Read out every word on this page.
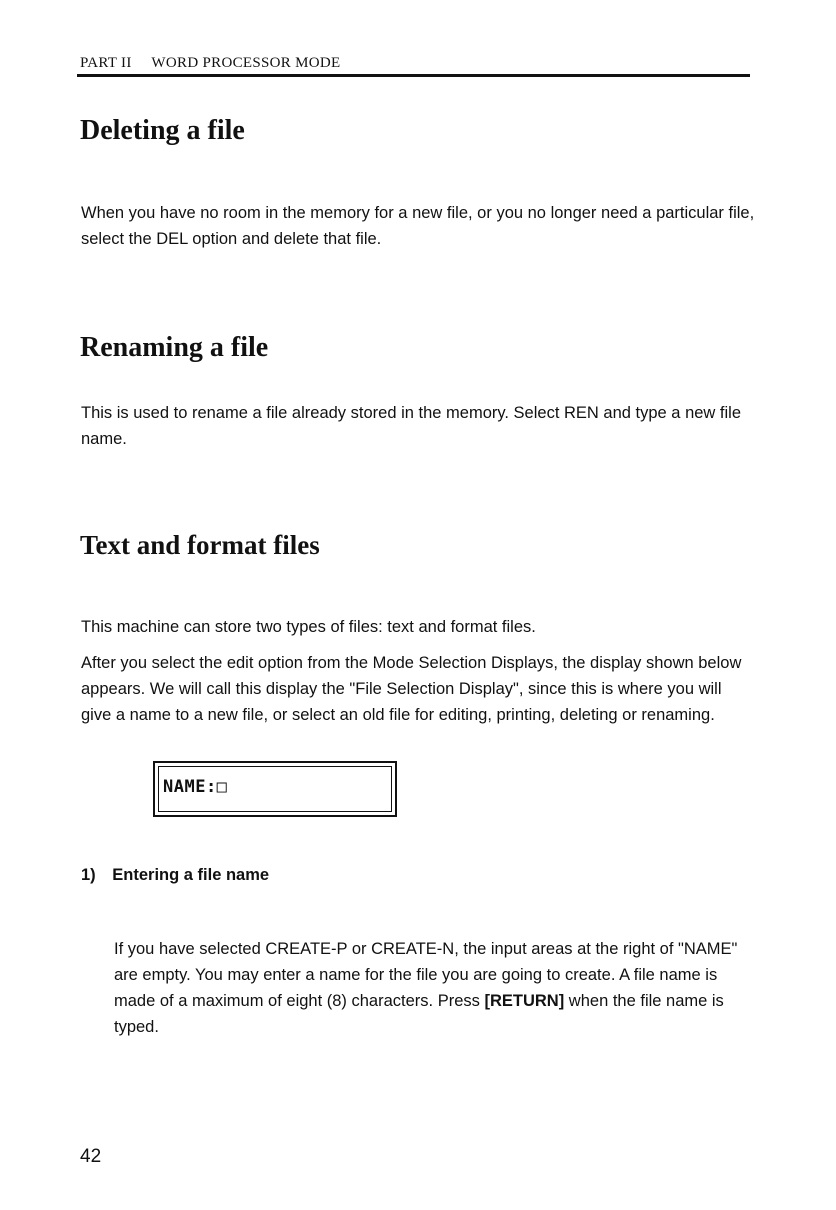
PART II WORD PROCESSOR MODE
Deleting a file

When you have no room in the memory for a new file, or you no longer need a particular file, select the DEL option and delete that file.

Renaming a file

This is used to rename a file already stored in the memory. Select REN and type a new file name.

Text and format files

This machine can store two types of files: text and format files.

After you select the edit option from the Mode Selection Displays, the display shown below appears. We will call this display the "File Selection Display", since this is where you will give a name to a new file, or select an old file for editing, printing, deleting or renaming.

NAME:□
1) Entering a file name

If you have selected CREATE-P or CREATE-N, the input areas at the right of "NAME" are empty. You may enter a name for the file you are going to create. A file name is made of a maximum of eight (8) characters. Press [RETURN] when the file name is typed.

42
